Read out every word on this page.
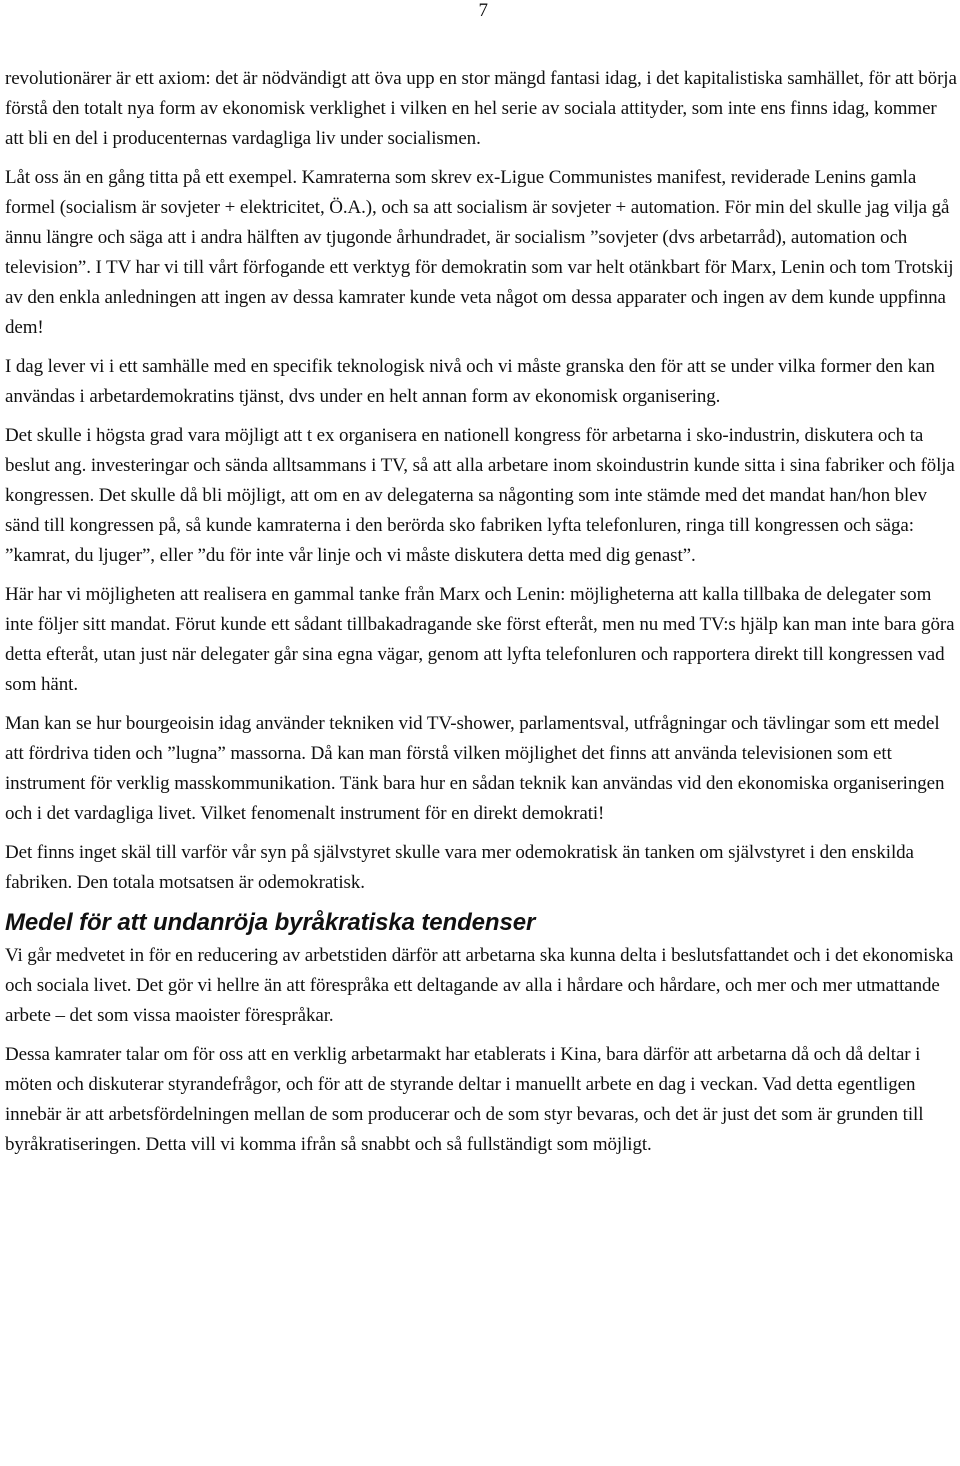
7

revolutionärer är ett axiom: det är nödvändigt att öva upp en stor mängd fantasi idag, i det kapitalistiska samhället, för att börja förstå den totalt nya form av ekonomisk verklighet i vilken en hel serie av sociala attityder, som inte ens finns idag, kommer att bli en del i producenternas vardagliga liv under socialismen.

Låt oss än en gång titta på ett exempel. Kamraterna som skrev ex-Ligue Communistes manifest, reviderade Lenins gamla formel (socialism är sovjeter + elektricitet, Ö.A.), och sa att socialism är sovjeter + automation. För min del skulle jag vilja gå ännu längre och säga att i andra hälften av tjugonde århundradet, är socialism ”sovjeter (dvs arbetarråd), automation och television”. I TV har vi till vårt förfogande ett verktyg för demokratin som var helt otänkbart för Marx, Lenin och tom Trotskij av den enkla anledningen att ingen av dessa kamrater kunde veta något om dessa apparater och ingen av dem kunde uppfinna dem!

I dag lever vi i ett samhälle med en specifik teknologisk nivå och vi måste granska den för att se under vilka former den kan användas i arbetardemokratins tjänst, dvs under en helt annan form av ekonomisk organisering.

Det skulle i högsta grad vara möjligt att t ex organisera en nationell kongress för arbetarna i sko-industrin, diskutera och ta beslut ang. investeringar och sända alltsammans i TV, så att alla arbetare inom skoindustrin kunde sitta i sina fabriker och följa kongressen. Det skulle då bli möjligt, att om en av delegaterna sa någonting som inte stämde med det mandat han/hon blev sänd till kongressen på, så kunde kamraterna i den berörda sko fabriken lyfta telefonluren, ringa till kongressen och säga: ”kamrat, du ljuger”, eller ”du för inte vår linje och vi måste diskutera detta med dig genast”.

Här har vi möjligheten att realisera en gammal tanke från Marx och Lenin: möjligheterna att kalla tillbaka de delegater som inte följer sitt mandat. Förut kunde ett sådant tillbakadragande ske först efteråt, men nu med TV:s hjälp kan man inte bara göra detta efteråt, utan just när delegater går sina egna vägar, genom att lyfta telefonluren och rapportera direkt till kongressen vad som hänt.

Man kan se hur bourgeoisin idag använder tekniken vid TV-shower, parlamentsval, utfrågningar och tävlingar som ett medel att fördriva tiden och ”lugna” massorna. Då kan man förstå vilken möjlighet det finns att använda televisionen som ett instrument för verklig masskommunikation. Tänk bara hur en sådan teknik kan användas vid den ekonomiska organiseringen och i det vardagliga livet. Vilket fenomenalt instrument för en direkt demokrati!

Det finns inget skäl till varför vår syn på självstyret skulle vara mer odemokratisk än tanken om självstyret i den enskilda fabriken. Den totala motsatsen är odemokratisk.

Medel för att undanröja byråkratiska tendenser

Vi går medvetet in för en reducering av arbetstiden därför att arbetarna ska kunna delta i beslutsfattandet och i det ekonomiska och sociala livet. Det gör vi hellre än att förespråka ett deltagande av alla i hårdare och hårdare, och mer och mer utmattande arbete – det som vissa maoister förespråkar.

Dessa kamrater talar om för oss att en verklig arbetarmakt har etablerats i Kina, bara därför att arbetarna då och då deltar i möten och diskuterar styrandefrågor, och för att de styrande deltar i manuellt arbete en dag i veckan. Vad detta egentligen innebär är att arbetsfördelningen mellan de som producerar och de som styr bevaras, och det är just det som är grunden till byråkratiseringen. Detta vill vi komma ifrån så snabbt och så fullständigt som möjligt.
